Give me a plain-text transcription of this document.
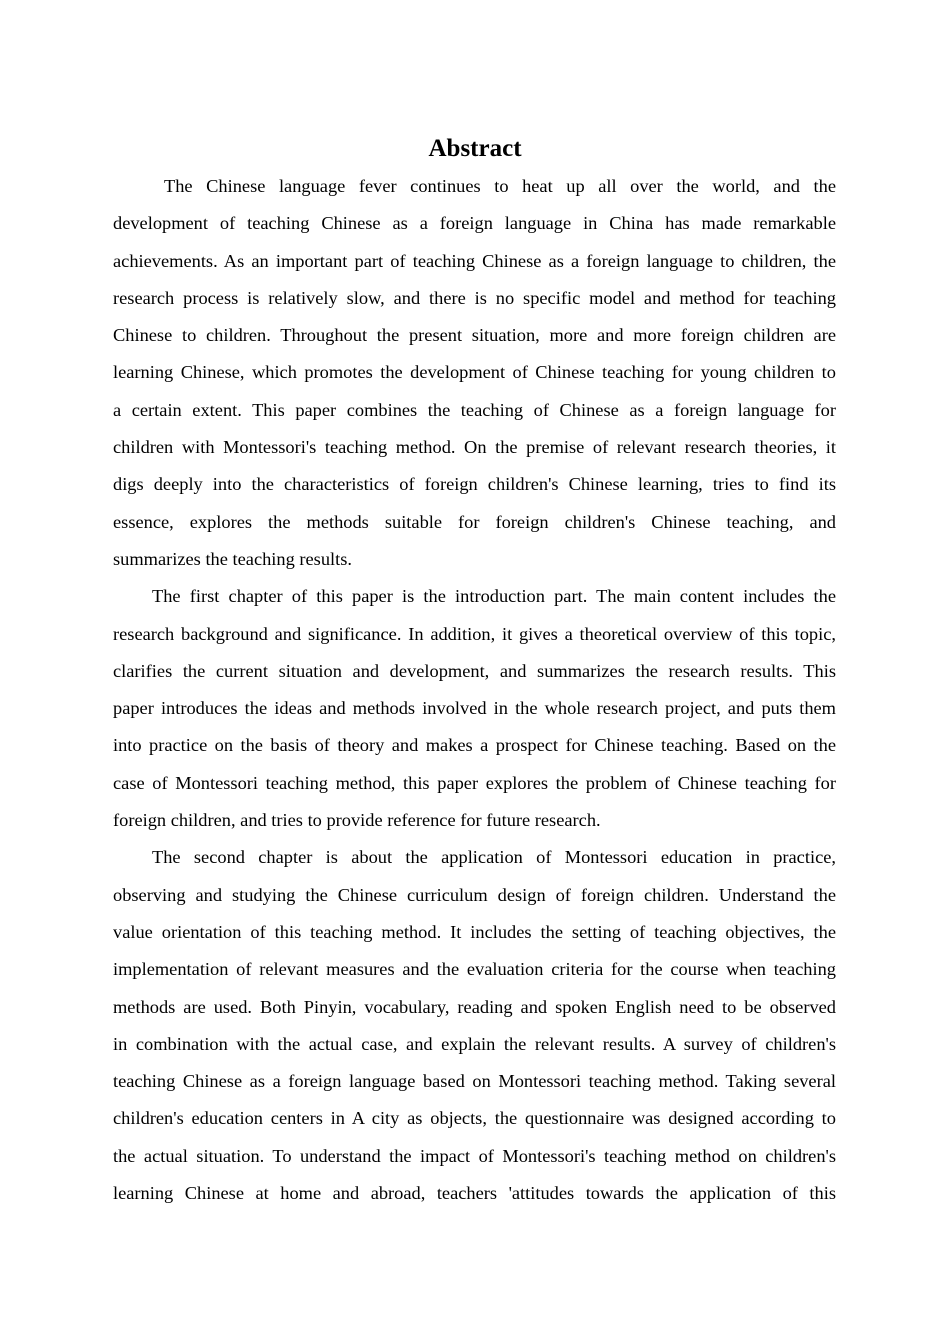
Abstract
The Chinese language fever continues to heat up all over the world, and the
development of teaching Chinese as a foreign language in China has made remarkable
achievements. As an important part of teaching Chinese as a foreign language to children, the
research process is relatively slow, and there is no specific model and method for teaching
Chinese to children. Throughout the present situation, more and more foreign children are
learning Chinese, which promotes the development of Chinese teaching for young children to
a certain extent. This paper combines the teaching of Chinese as a foreign language for
children with Montessori's teaching method. On the premise of relevant research theories, it
digs deeply into the characteristics of foreign children's Chinese learning, tries to find its
essence, explores the methods suitable for foreign children's Chinese teaching, and
summarizes the teaching results.
The first chapter of this paper is the introduction part. The main content includes the
research background and significance. In addition, it gives a theoretical overview of this topic,
clarifies the current situation and development, and summarizes the research results. This
paper introduces the ideas and methods involved in the whole research project, and puts them
into practice on the basis of theory and makes a prospect for Chinese teaching. Based on the
case of Montessori teaching method, this paper explores the problem of Chinese teaching for
foreign children, and tries to provide reference for future research.
The second chapter is about the application of Montessori education in practice,
observing and studying the Chinese curriculum design of foreign children. Understand the
value orientation of this teaching method. It includes the setting of teaching objectives, the
implementation of relevant measures and the evaluation criteria for the course when teaching
methods are used. Both Pinyin, vocabulary, reading and spoken English need to be observed
in combination with the actual case, and explain the relevant results. A survey of children's
teaching Chinese as a foreign language based on Montessori teaching method. Taking several
children's education centers in A city as objects, the questionnaire was designed according to
the actual situation. To understand the impact of Montessori's teaching method on children's
learning Chinese at home and abroad, teachers 'attitudes towards the application of this
